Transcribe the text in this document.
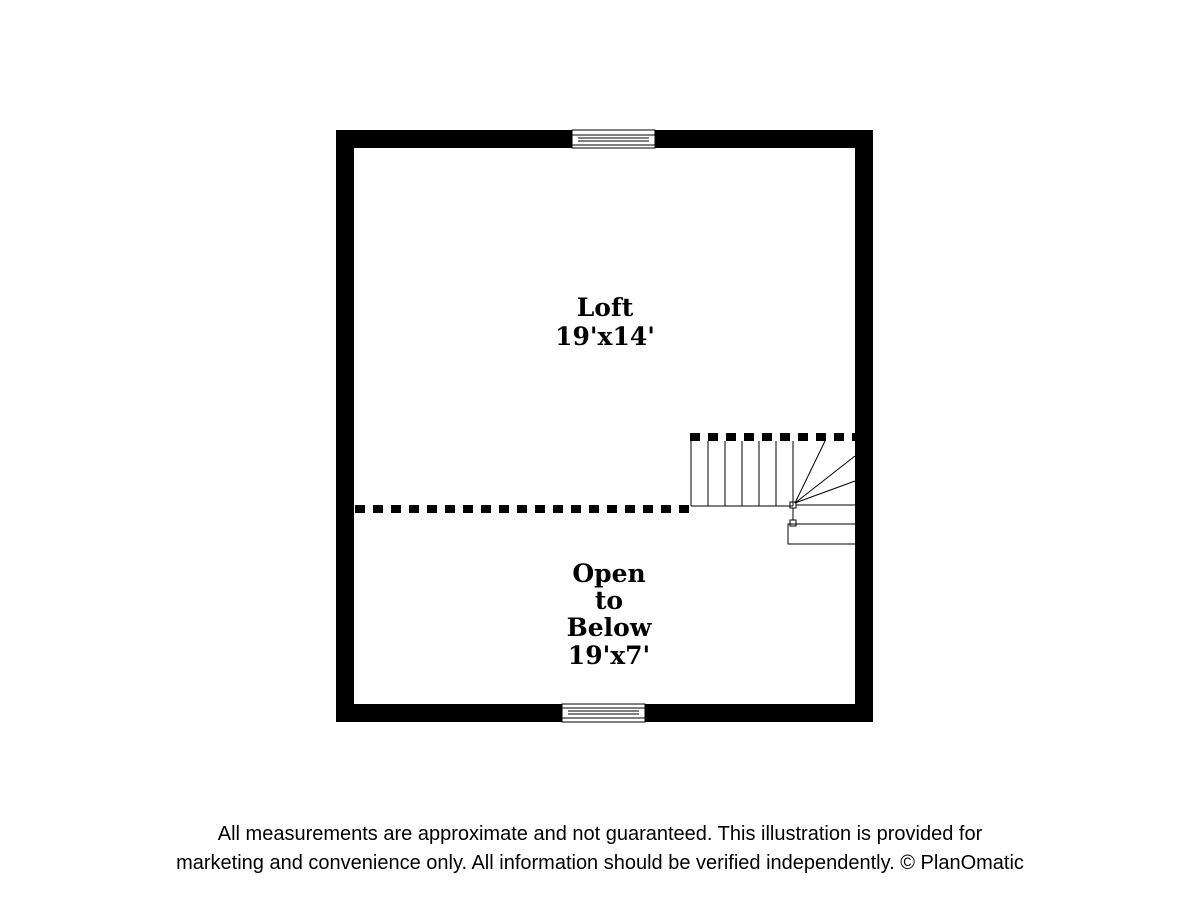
Loft
19'x14'
Open
to
Below
19'x7'
All measurements are approximate and not guaranteed. This illustration is provided for
marketing and convenience only. All information should be verified independently. © PlanOmatic
